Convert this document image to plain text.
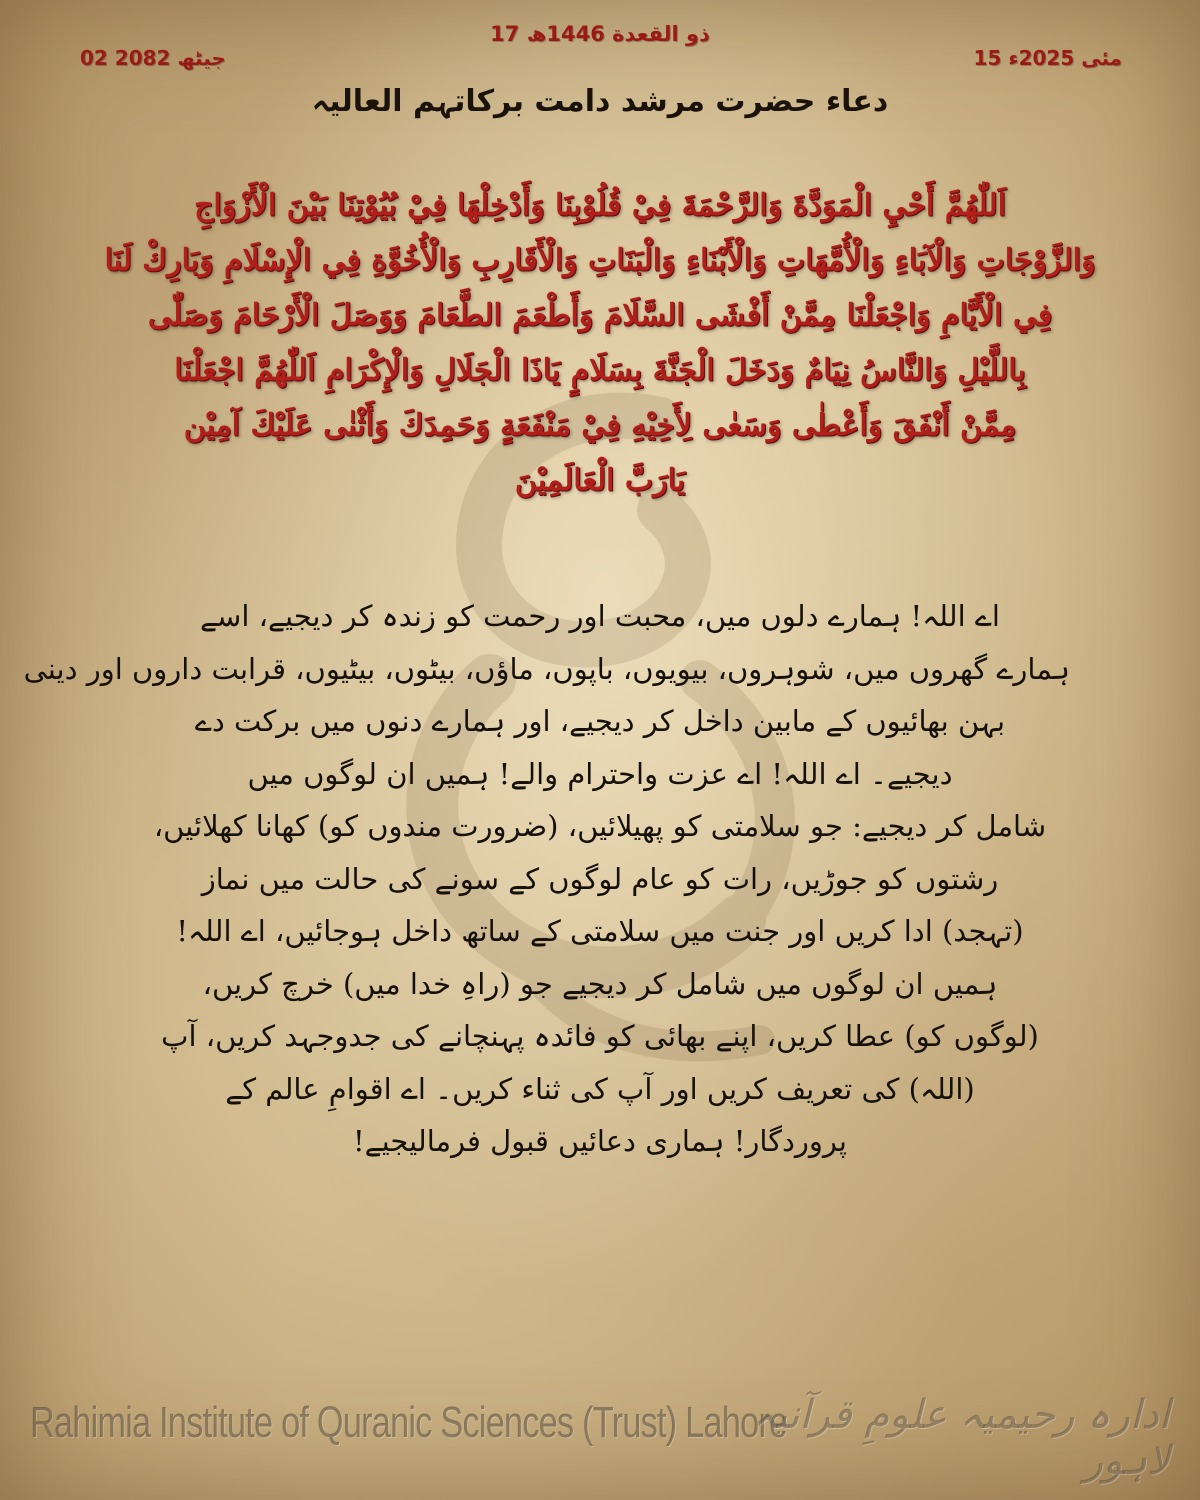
17 ذو القعدة 1446ھ
02 جیٹھ 2082	15 مئی 2025ء
دعاء حضرت مرشد دامت برکاتہم العالیہ
اَللّٰهُمَّ أَحْيِ الْمَوَدَّةَ وَالرَّحْمَةَ فِيْ قُلُوْبِنَا وَأَدْخِلْهَا فِيْ بُيُوْتِنَا بَيْنَ الْأَزْوَاجِ
وَالزَّوْجَاتِ وَالْآبَاءِ وَالْأُمَّهَاتِ وَالْأَبْنَاءِ وَالْبَنَاتِ وَالْأَقَارِبِ وَالْأُخُوَّةِ فِي الْإِسْلَامِ وَبَارِكْ لَنَا
فِي الْأَيَّامِ وَاجْعَلْنَا مِمَّنْ أَفْشَى السَّلَامَ وَأَطْعَمَ الطَّعَامَ وَوَصَلَ الْأَرْحَامَ وَصَلّٰى
بِاللَّيْلِ وَالنَّاسُ نِيَامٌ وَدَخَلَ الْجَنَّةَ بِسَلَامٍ يَاذَا الْجَلَالِ وَالْإِكْرَامِ اَللّٰهُمَّ اجْعَلْنَا
مِمَّنْ أَنْفَقَ وَأَعْطٰى وَسَعٰى لِأَخِيْهِ فِيْ مَنْفَعَةٍ وَحَمِدَكَ وَأَثْنٰى عَلَيْكَ آمِيْن
يَارَبَّ الْعَالَمِيْنَ
اے اللہ! ہمارے دلوں میں، محبت اور رحمت کو زندہ کر دیجیے، اسے
ہمارے گھروں میں، شوہروں، بیویوں، باپوں، ماؤں، بیٹوں، بیٹیوں، قرابت داروں اور دینی
بہن بھائیوں کے مابین داخل کر دیجیے، اور ہمارے دنوں میں برکت دے
دیجیے۔ اے اللہ! اے عزت واحترام والے! ہمیں ان لوگوں میں
شامل کر دیجیے: جو سلامتی کو پھیلائیں، (ضرورت مندوں کو) کھانا کھلائیں،
رشتوں کو جوڑیں، رات کو عام لوگوں کے سونے کی حالت میں نماز
(تہجد) ادا کریں اور جنت میں سلامتی کے ساتھ داخل ہوجائیں، اے اللہ!
ہمیں ان لوگوں میں شامل کر دیجیے جو (راہِ خدا میں) خرچ کریں،
(لوگوں کو) عطا کریں، اپنے بھائی کو فائدہ پہنچانے کی جدوجہد کریں، آپ
(اللہ) کی تعریف کریں اور آپ کی ثناء کریں۔ اے اقوامِ عالم کے
پروردگار! ہماری دعائیں قبول فرمالیجیے!
Rahimia Institute of Quranic Sciences (Trust) Lahore
ادارہ رحیمیہ علومِ قرآنیہ لاہور
